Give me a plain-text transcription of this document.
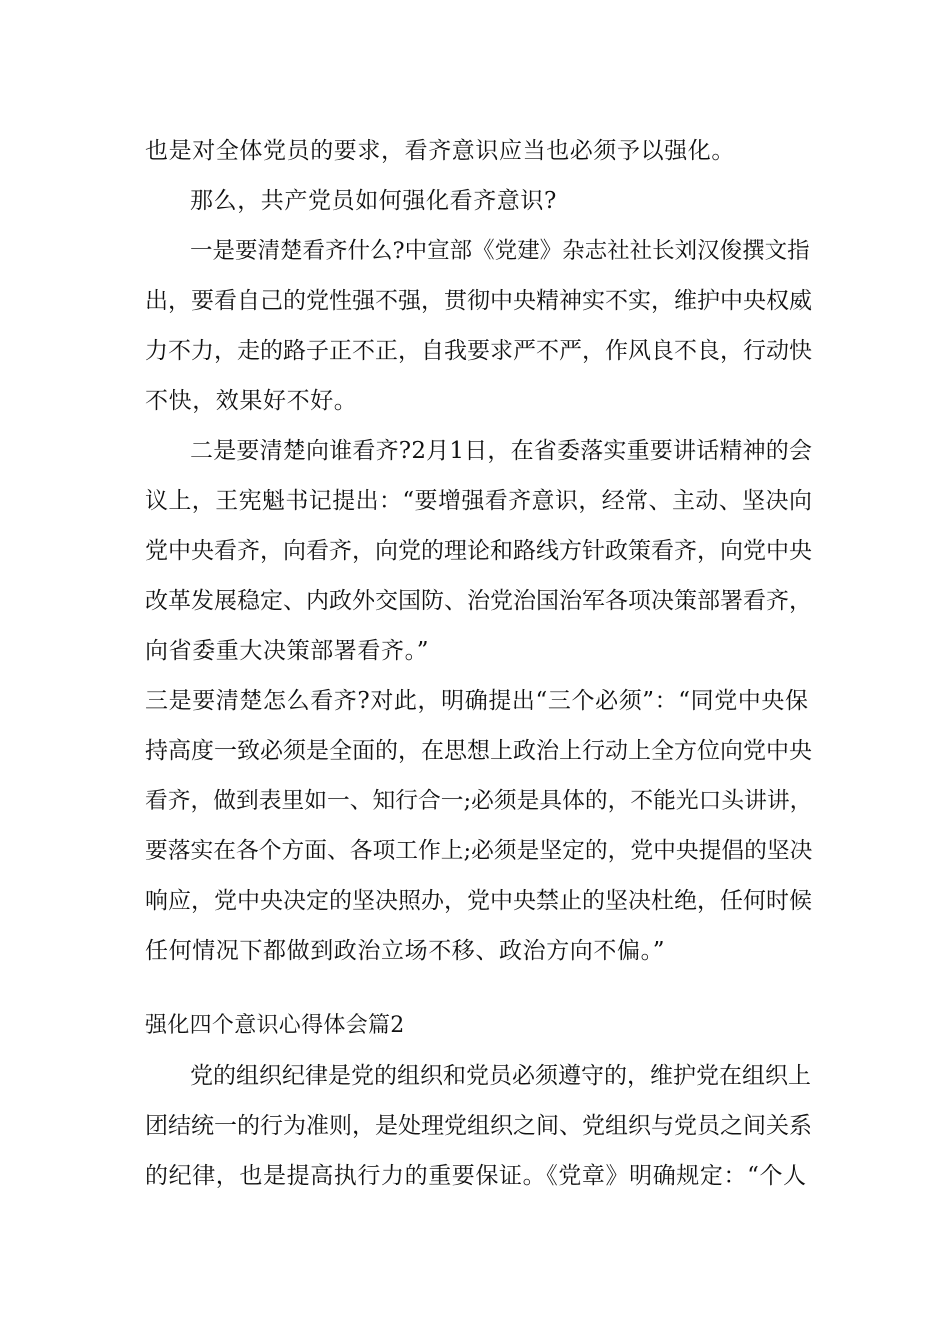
也是对全体党员的要求，看齐意识应当也必须予以强化。
那么，共产党员如何强化看齐意识?
一是要清楚看齐什么?中宣部《党建》杂志社社长刘汉俊撰文指
出，要看自己的党性强不强，贯彻中央精神实不实，维护中央权威
力不力，走的路子正不正，自我要求严不严，作风良不良，行动快
不快，效果好不好。
二是要清楚向谁看齐?2月1日，在省委落实重要讲话精神的会
议上，王宪魁书记提出：“要增强看齐意识，经常、主动、坚决向
党中央看齐，向看齐，向党的理论和路线方针政策看齐，向党中央
改革发展稳定、内政外交国防、治党治国治军各项决策部署看齐，
向省委重大决策部署看齐。”
三是要清楚怎么看齐?对此，明确提出“三个必须”：“同党中央保
持高度一致必须是全面的，在思想上政治上行动上全方位向党中央
看齐，做到表里如一、知行合一;必须是具体的，不能光口头讲讲，
要落实在各个方面、各项工作上;必须是坚定的，党中央提倡的坚决
响应，党中央决定的坚决照办，党中央禁止的坚决杜绝，任何时候
任何情况下都做到政治立场不移、政治方向不偏。”
强化四个意识心得体会篇2
党的组织纪律是党的组织和党员必须遵守的，维护党在组织上
团结统一的行为准则，是处理党组织之间、党组织与党员之间关系
的纪律，也是提高执行力的重要保证。《党章》明确规定：“个人
